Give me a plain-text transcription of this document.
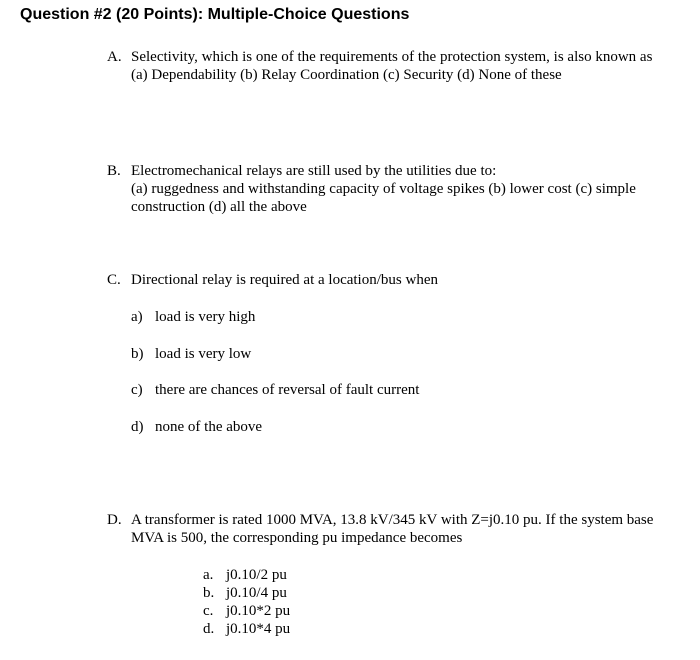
Question #2 (20 Points): Multiple-Choice Questions
A. Selectivity, which is one of the requirements of the protection system, is also known as
(a) Dependability (b) Relay Coordination (c) Security (d) None of these
B. Electromechanical relays are still used by the utilities due to:
(a) ruggedness and withstanding capacity of voltage spikes (b) lower cost (c) simple
construction (d) all the above
C. Directional relay is required at a location/bus when
a) load is very high
b) load is very low
c) there are chances of reversal of fault current
d) none of the above
D. A transformer is rated 1000 MVA, 13.8 kV/345 kV with Z=j0.10 pu. If the system base
MVA is 500, the corresponding pu impedance becomes
a. j0.10/2 pu
b. j0.10/4 pu
c. j0.10*2 pu
d. j0.10*4 pu
